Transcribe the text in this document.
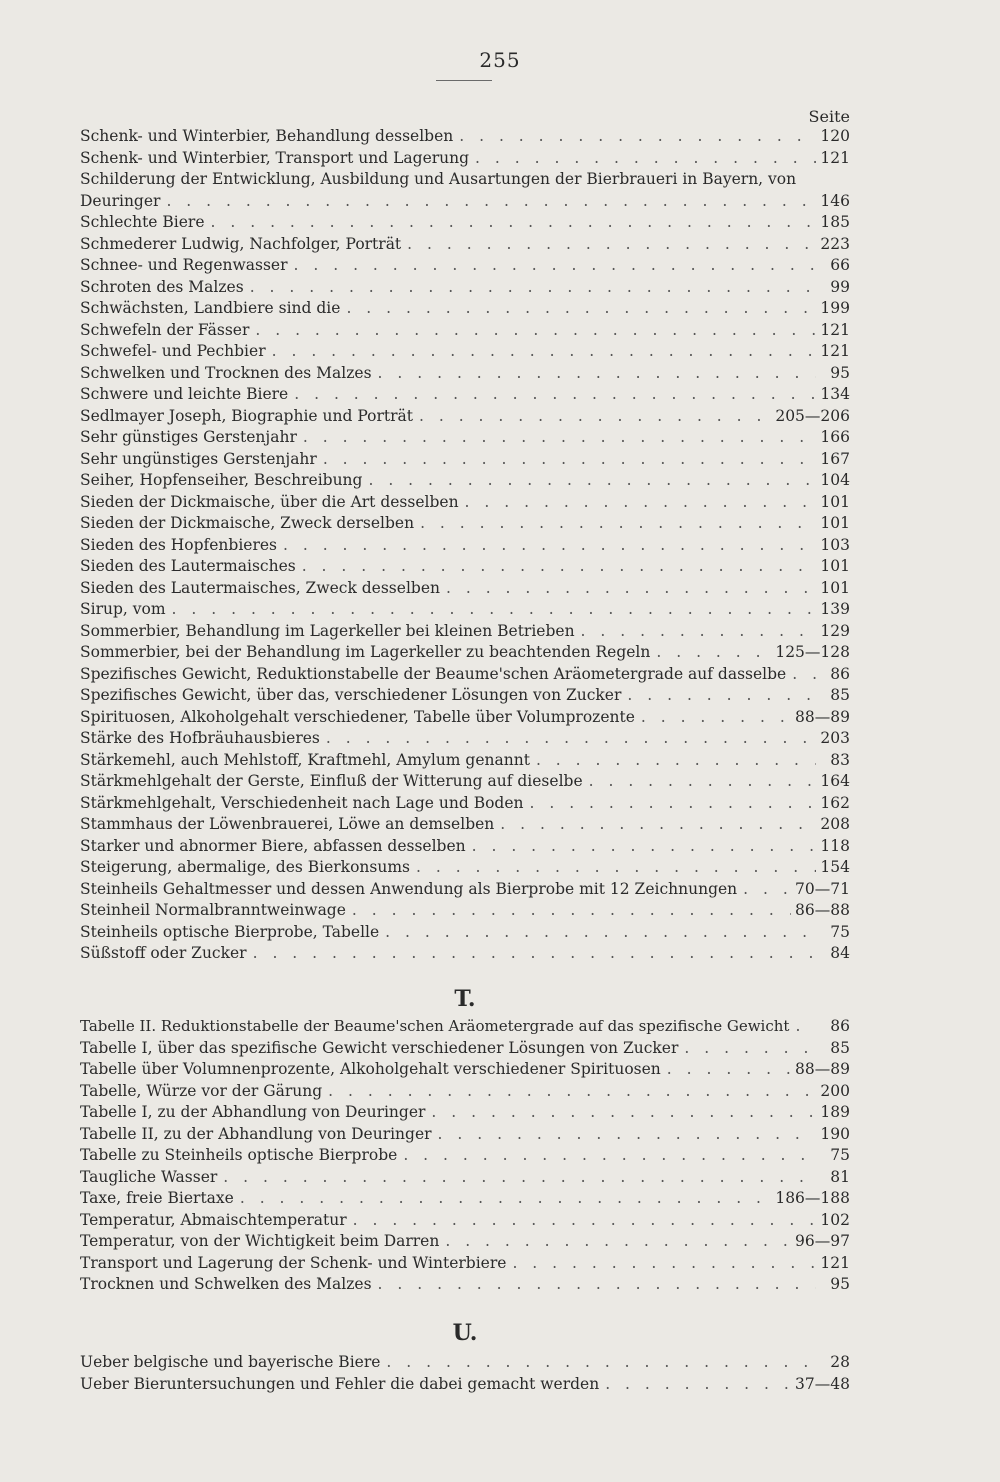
255
Seite
Schenk- und Winterbier, Behandlung desselben . . .	120
Schenk- und Winterbier, Transport und Lagerung . . .	121
Schilderung der Entwicklung, Ausbildung und Ausartungen der Bierbraueri in Bayern, von
Deuringer . . .	146
Schlechte Biere . . .	185
Schmederer Ludwig, Nachfolger, Porträt . . .	223
Schnee- und Regenwasser . . .	66
Schroten des Malzes . . .	99
Schwächsten, Landbiere sind die . . .	199
Schwefeln der Fässer . . .	121
Schwefel- und Pechbier . . .	121
Schwelken und Trocknen des Malzes . . .	95
Schwere und leichte Biere . . .	134
Sedlmayer Joseph, Biographie und Porträt . . .	205—206
Sehr günstiges Gerstenjahr . . .	166
Sehr ungünstiges Gerstenjahr . . .	167
Seiher, Hopfenseiher, Beschreibung . . .	104
Sieden der Dickmaische, über die Art desselben . . .	101
Sieden der Dickmaische, Zweck derselben . . .	101
Sieden des Hopfenbieres . . .	103
Sieden des Lautermaisches . . .	101
Sieden des Lautermaisches, Zweck desselben . . .	101
Sirup, vom . . .	139
Sommerbier, Behandlung im Lagerkeller bei kleinen Betrieben . . .	129
Sommerbier, bei der Behandlung im Lagerkeller zu beachtenden Regeln . . .	125—128
Spezifisches Gewicht, Reduktionstabelle der Beaume'schen Aräometergrade auf dasselbe . . .	86
Spezifisches Gewicht, über das, verschiedener Lösungen von Zucker . . .	85
Spirituosen, Alkoholgehalt verschiedener, Tabelle über Volumprozente . . .	88—89
Stärke des Hofbräuhausbieres . . .	203
Stärkemehl, auch Mehlstoff, Kraftmehl, Amylum genannt . . .	83
Stärkmehlgehalt der Gerste, Einfluß der Witterung auf dieselbe . . .	164
Stärkmehlgehalt, Verschiedenheit nach Lage und Boden . . .	162
Stammhaus der Löwenbrauerei, Löwe an demselben . . .	208
Starker und abnormer Biere, abfassen desselben . . .	118
Steigerung, abermalige, des Bierkonsums . . .	154
Steinheils Gehaltmesser und dessen Anwendung als Bierprobe mit 12 Zeichnungen . . .	70—71
Steinheil Normalbranntweinwage . . .	86—88
Steinheils optische Bierprobe, Tabelle . . .	75
Süßstoff oder Zucker . . .	84
T.
Tabelle II. Reduktionstabelle der Beaume'schen Aräometergrade auf das spezifische Gewicht . . .	86
Tabelle I, über das spezifische Gewicht verschiedener Lösungen von Zucker . . .	85
Tabelle über Volumnenprozente, Alkoholgehalt verschiedener Spirituosen . . .	88—89
Tabelle, Würze vor der Gärung . . .	200
Tabelle I, zu der Abhandlung von Deuringer . . .	189
Tabelle II, zu der Abhandlung von Deuringer . . .	190
Tabelle zu Steinheils optische Bierprobe . . .	75
Taugliche Wasser . . .	81
Taxe, freie Biertaxe . . .	186—188
Temperatur, Abmaischtemperatur . . .	102
Temperatur, von der Wichtigkeit beim Darren . . .	96—97
Transport und Lagerung der Schenk- und Winterbiere . . .	121
Trocknen und Schwelken des Malzes . . .	95
U.
Ueber belgische und bayerische Biere . . .	28
Ueber Bieruntersuchungen und Fehler die dabei gemacht werden . . .	37—48
